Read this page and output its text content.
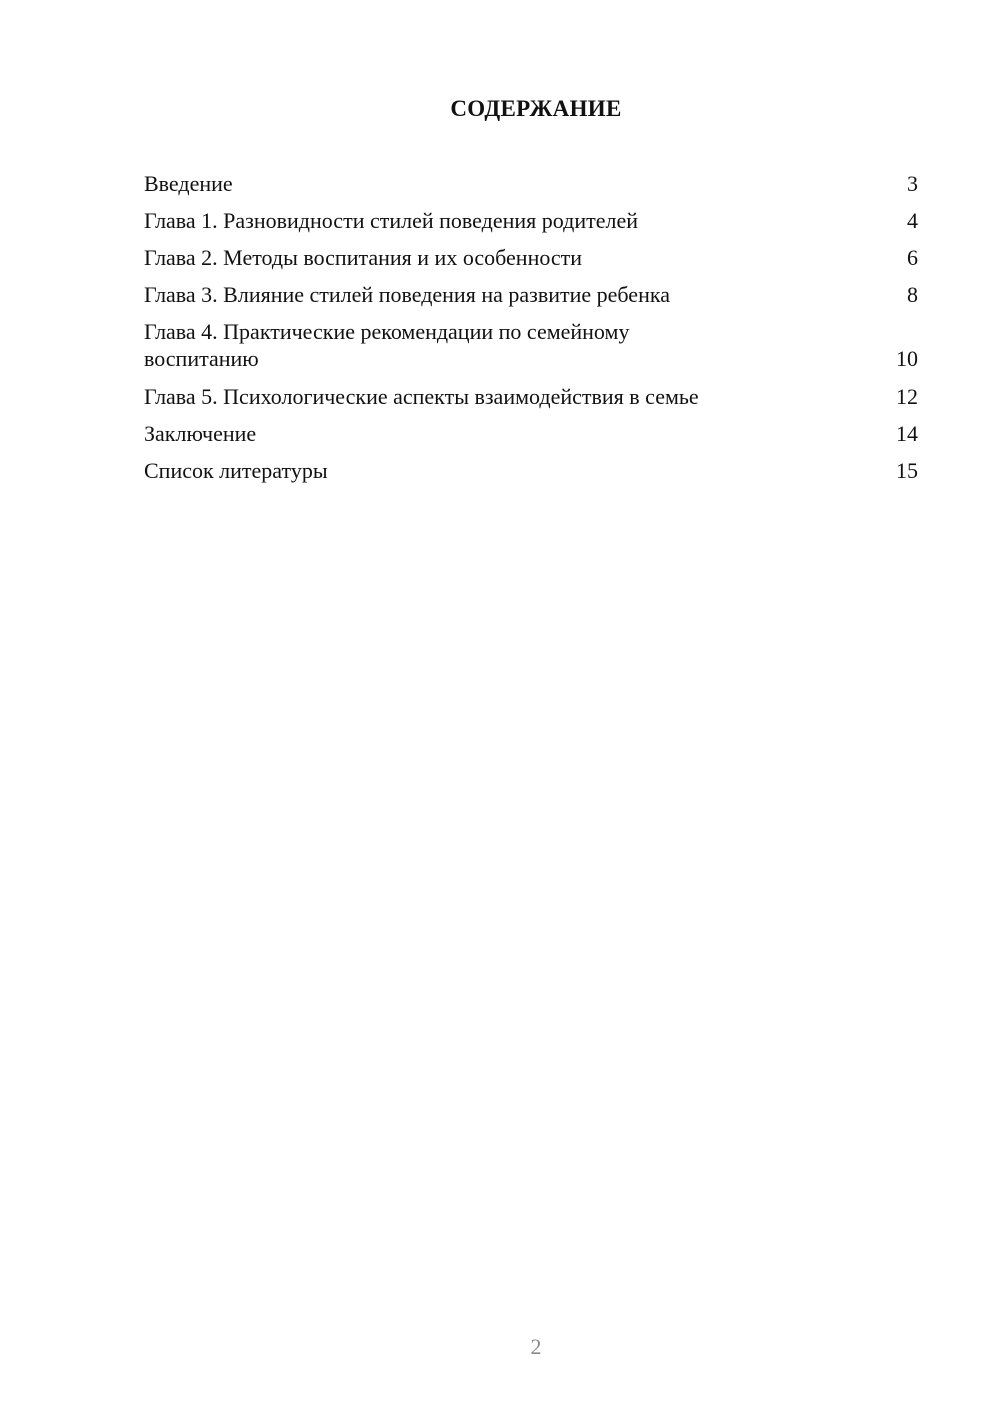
СОДЕРЖАНИЕ
Введение	3
Глава 1. Разновидности стилей поведения родителей	4
Глава 2. Методы воспитания и их особенности	6
Глава 3. Влияние стилей поведения на развитие ребенка	8
Глава 4. Практические рекомендации по семейному воспитанию	10
Глава 5. Психологические аспекты взаимодействия в семье	12
Заключение	14
Список литературы	15
2
